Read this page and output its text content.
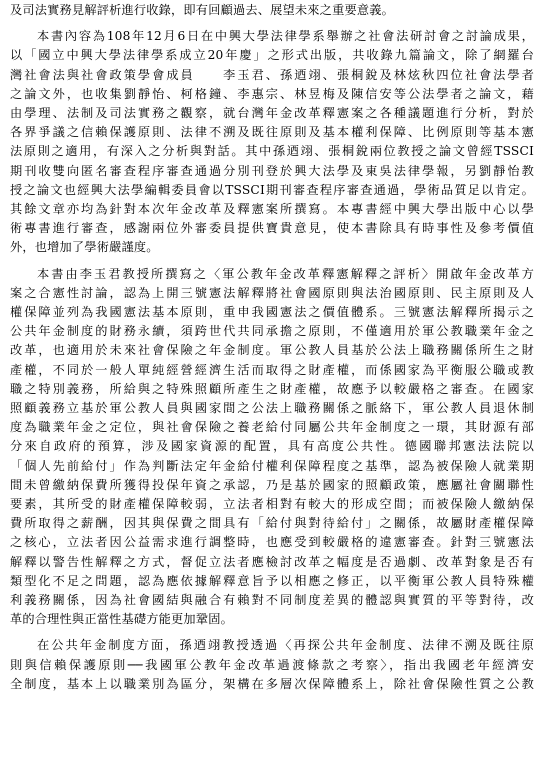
及司法實務見解評析進行收錄，即有回顧過去、展望未來之重要意義。
本書內容為108年12月6日在中興大學法律學系舉辦之社會法研討會之討論成果，
以「國立中興大學法律學系成立20年慶」之形式出版，共收錄九篇論文，除了網羅台
灣社會法與社會政策學會成員　　李玉君、孫迺翊、張桐銳及林炫秋四位社會法學者
之論文外，也收集劉靜怡、柯格鐘、李惠宗、林昱梅及陳信安等公法學者之論文，藉
由學理、法制及司法實務之觀察，就台灣年金改革釋憲案之各種議題進行分析，對於
各界爭議之信賴保護原則、法律不溯及既往原則及基本權利保障、比例原則等基本憲
法原則之適用，有深入之分析與對話。其中孫迺翊、張桐銳兩位教授之論文曾經TSSCI
期刊收雙向匿名審查程序審查通過分別刊登於興大法學及東吳法律學報，另劉靜怡教
授之論文也經興大法學編輯委員會以TSSCI期刊審查程序審查通過，學術品質足以肯定。
其餘文章亦均為針對本次年金改革及釋憲案所撰寫。本專書經中興大學出版中心以學
術專書進行審查，感謝兩位外審委員提供寶貴意見，使本書除具有時事性及參考價值
外，也增加了學術嚴謹度。
本書由李玉君教授所撰寫之〈軍公教年金改革釋憲解釋之評析〉開啟年金改革方
案之合憲性討論，認為上開三號憲法解釋將社會國原則與法治國原則、民主原則及人
權保障並列為我國憲法基本原則，重申我國憲法之價值體系。三號憲法解釋所揭示之
公共年金制度的財務永續，須跨世代共同承擔之原則，不僅適用於軍公教職業年金之
改革，也適用於未來社會保險之年金制度。軍公教人員基於公法上職務關係所生之財
產權，不同於一般人單純經營經濟生活而取得之財產權，而係國家為平衡服公職或教
職之特別義務，所給與之特殊照顧所產生之財產權，故應予以較嚴格之審查。在國家
照顧義務立基於軍公教人員與國家間之公法上職務關係之脈絡下，軍公教人員退休制
度為職業年金之定位，與社會保險之養老給付同屬公共年金制度之一環，其財源有部
分來自政府的預算，涉及國家資源的配置，具有高度公共性。德國聯邦憲法法院以
「個人先前給付」作為判斷法定年金給付權利保障程度之基準，認為被保險人就業期
間未曾繳納保費所獲得投保年資之承認，乃是基於國家的照顧政策，應屬社會關聯性
要素，其所受的財產權保障較弱，立法者相對有較大的形成空間；而被保險人繳納保
費所取得之薪酬，因其與保費之間具有「給付與對待給付」之關係，故屬財產權保障
之核心，立法者因公益需求進行調整時，也應受到較嚴格的違憲審查。針對三號憲法
解釋以警告性解釋之方式，督促立法者應檢討改革之幅度是否過劇、改革對象是否有
類型化不足之問題，認為應依據解釋意旨予以相應之修正，以平衡軍公教人員特殊權
利義務關係，因為社會國結與融合有賴對不同制度差異的體認與實質的平等對待，改
革的合理性與正當性基礎方能更加鞏固。
在公共年金制度方面，孫迺翊教授透過〈再探公共年金制度、法律不溯及既往原
則與信賴保護原則──我國軍公教年金改革過渡條款之考察〉，指出我國老年經濟安
全制度，基本上以職業別為區分，架構在多層次保障體系上，除社會保險性質之公教
